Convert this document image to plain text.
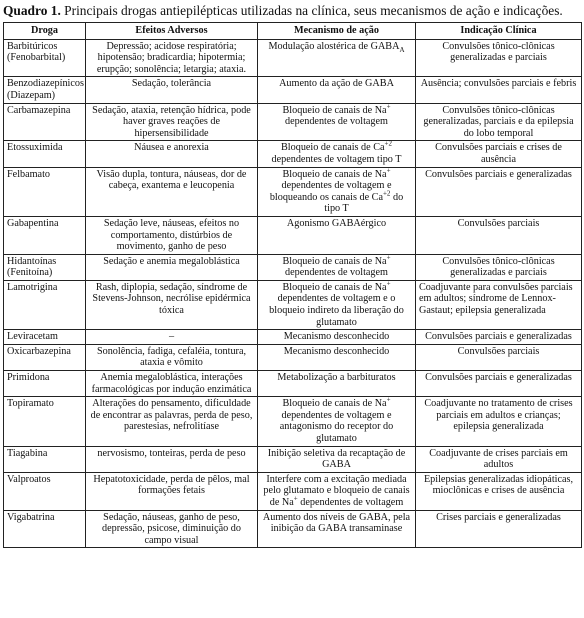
Quadro 1. Principais drogas antiepilépticas utilizadas na clínica, seus mecanismos de ação e indicações.
Droga	Efeitos Adversos	Mecanismo de ação	Indicação Clínica
Barbitúricos (Fenobarbital)	Depressão; acidose respiratória; hipotensão; bradicardia; hipotermia; erupção; sonolência; letargia; ataxia.	Modulação alostérica de $GABA_A$	Convulsões tônico-clônicas generalizadas e parciais
Benzodiazepínicos (Diazepam)	Sedação, tolerância	Aumento da ação de GABA	Ausência; convulsões parciais e febris
Carbamazepina	Sedação, ataxia, retenção hídrica, pode haver graves reações de hipersensibilidade	Bloqueio de canais de Na+ dependentes de voltagem	Convulsões tônico-clônicas generalizadas, parciais e da epilepsia do lobo temporal
Etossuximida	Náusea e anorexia	Bloqueio de canais de $Ca^{+2}$ dependentes de voltagem tipo T	Convulsões parciais e crises de ausência
Felbamato	Visão dupla, tontura, náuseas, dor de cabeça, exantema e leucopenia	Bloqueio de canais de Na+ dependentes de voltagem e bloqueando os canais de $Ca^{+2}$ do tipo T	Convulsões parciais e generalizadas
Gabapentina	Sedação leve, náuseas, efeitos no comportamento, distúrbios de movimento, ganho de peso	Agonismo GABAérgico	Convulsões parciais
Hidantoínas (Fenitoína)	Sedação e anemia megaloblástica	Bloqueio de canais de Na+ dependentes de voltagem	Convulsões tônico-clônicas generalizadas e parciais
Lamotrigina	Rash, diplopia, sedação, síndrome de Stevens-Johnson, necrólise epidérmica tóxica	Bloqueio de canais de Na+ dependentes de voltagem e o bloqueio indireto da liberação do glutamato	Coadjuvante para convulsões parciais em adultos; síndrome de Lennox-Gastaut; epilepsia generalizada
Leviracetam	–	Mecanismo desconhecido	Convulsões parciais e generalizadas
Oxicarbazepina	Sonolência, fadiga, cefaléia, tontura, ataxia e vômito	Mecanismo desconhecido	Convulsões parciais
Primidona	Anemia megaloblástica, interações farmacológicas por indução enzimática	Metabolização a barbituratos	Convulsões parciais e generalizadas
Topiramato	Alterações do pensamento, dificuldade de encontrar as palavras, perda de peso, parestesias, nefrolitíase	Bloqueio de canais de Na+ dependentes de voltagem e antagonismo do receptor do glutamato	Coadjuvante no tratamento de crises parciais em adultos e crianças; epilepsia generalizada
Tiagabina	nervosismo, tonteiras, perda de peso	Inibição seletiva da recaptação de GABA	Coadjuvante de crises parciais em adultos
Valproatos	Hepatotoxicidade, perda de pêlos, mal formações fetais	Interfere com a excitação mediada pelo glutamato e bloqueio de canais de Na+ dependentes de voltagem	Epilepsias generalizadas idiopáticas, mioclônicas e crises de ausência
Vigabatrina	Sedação, náuseas, ganho de peso, depressão, psicose, diminuição do campo visual	Aumento dos níveis de GABA, pela inibição da GABA transaminase	Crises parciais e generalizadas
